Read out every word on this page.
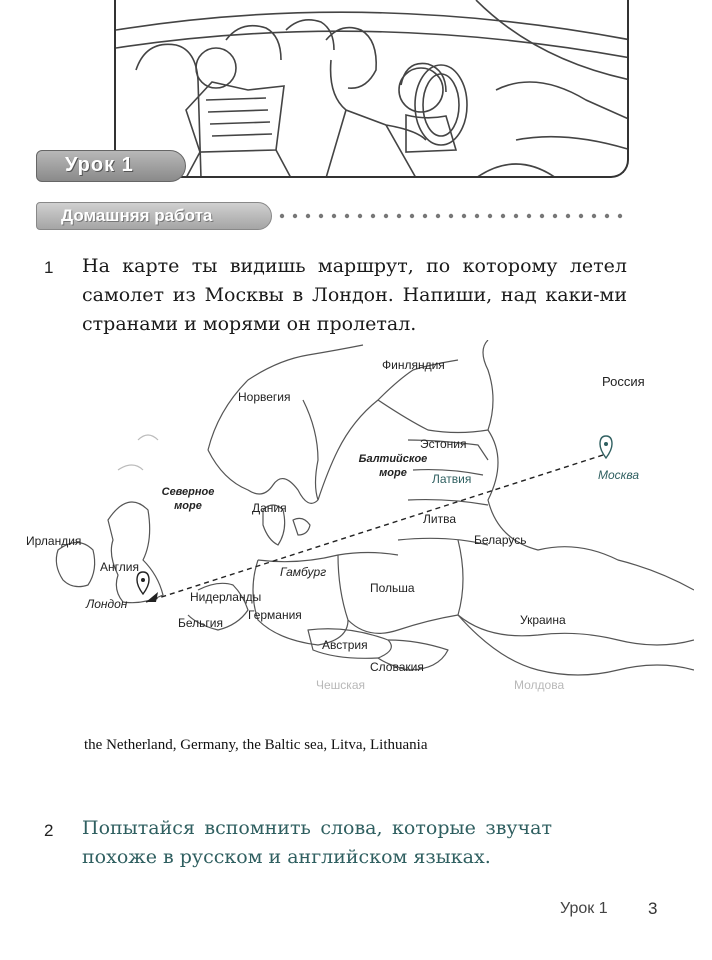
Урок 1
Домашняя работа
1 На карте ты видишь маршрут, по которому летел самолет из Москвы в Лондон. Напиши, над каки-ми странами и морями он пролетал.

Финляндия
Россия
Норвегия
Эстония
Балтийское море	Латвия	Москва
Северное море	Дания
Литва
Ирландия	Беларусь
Англия	Гамбург
Польша
Лондон	Нидерланды
Бельгия
Германия	Украина
Австрия
Словакия
Чешская	Молдова
the Netherland, Germany, the Baltic sea, Litva, Lithuania
2 Попытайся вспомнить слова, которые звучат похоже в русском и английском языках.

Урок 1 3
